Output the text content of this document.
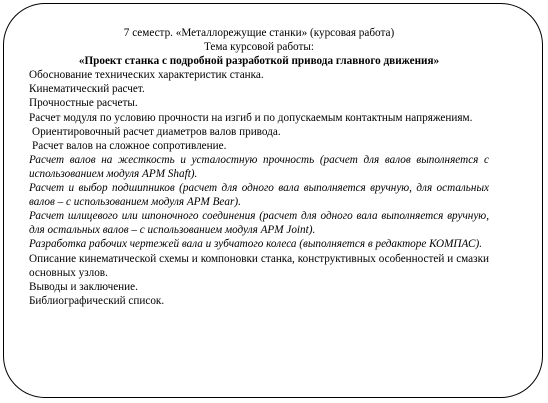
7 семестр. «Металлорежущие станки» (курсовая работа)
Тема курсовой работы:
«Проект станка с подробной разработкой привода главного движения»
Обоснование технических характеристик станка.
Кинематический расчет.
Прочностные расчеты.
Расчет модуля по условию прочности на изгиб и по допускаемым контактным напряжениям.
Ориентировочный расчет диаметров валов привода.
Расчет валов на сложное сопротивление.
Расчет валов на жесткость и усталостную прочность (расчет для валов выполняется с использованием модуля APM Shaft).
Расчет и выбор подшипников (расчет для одного вала выполняется вручную, для остальных валов – с использованием модуля APM Bear).
Расчет шлицевого или шпоночного соединения (расчет для одного вала выполняется вручную, для остальных валов – с использованием модуля APM Joint).
Разработка рабочих чертежей вала и зубчатого колеса (выполняется в редакторе КОМПАС).
Описание кинематической схемы и компоновки станка, конструктивных особенностей и смазки основных узлов.
Выводы и заключение.
Библиографический список.
